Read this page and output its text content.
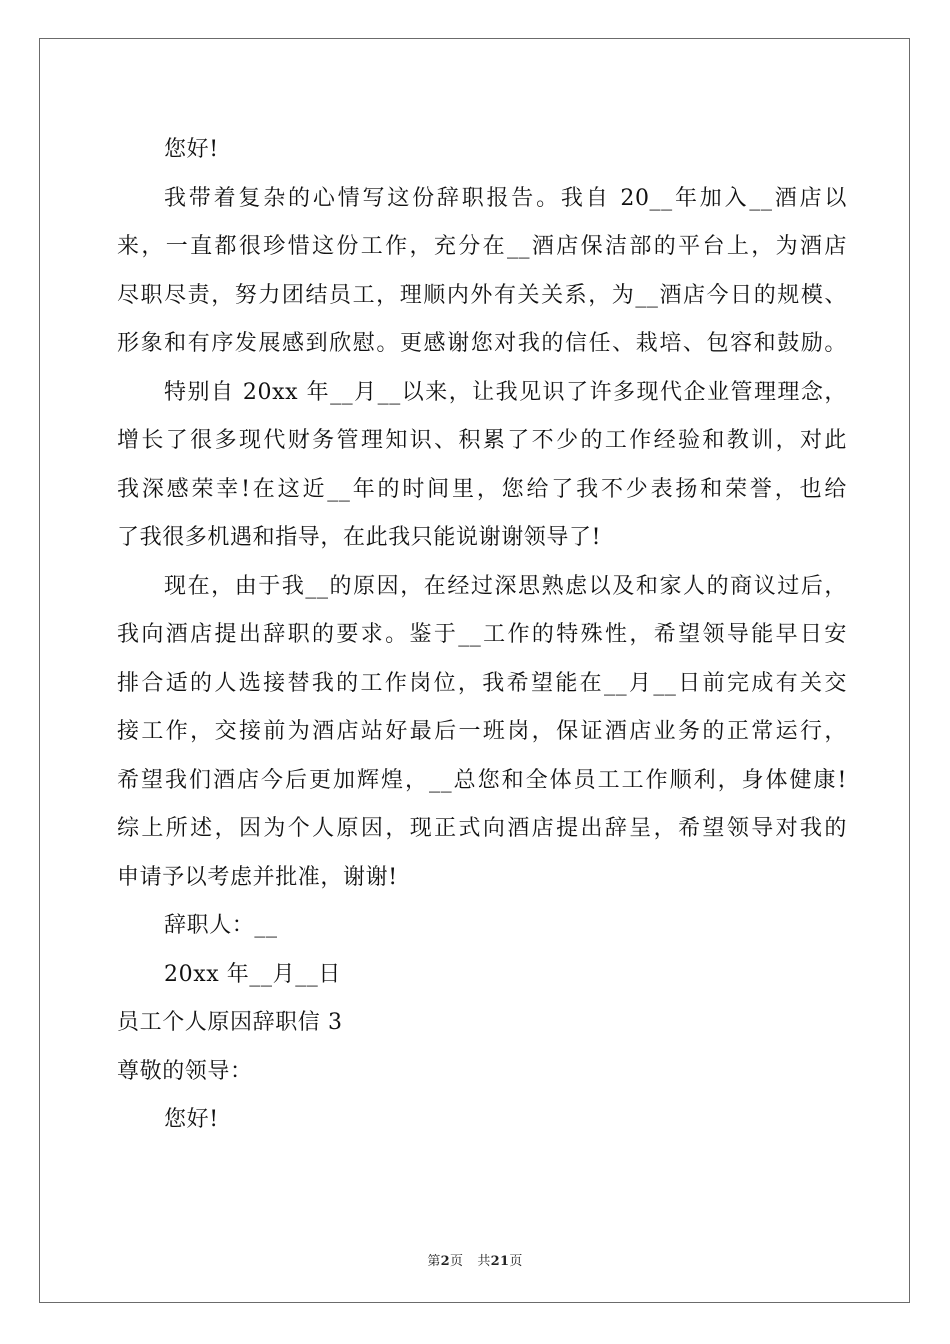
您好!
我带着复杂的心情写这份辞职报告。我自 20__年加入__酒店以
来，一直都很珍惜这份工作，充分在__酒店保洁部的平台上，为酒店
尽职尽责，努力团结员工，理顺内外有关关系，为__酒店今日的规模、
形象和有序发展感到欣慰。更感谢您对我的信任、栽培、包容和鼓励。
特别自 20xx 年__月__以来，让我见识了许多现代企业管理理念，
增长了很多现代财务管理知识、积累了不少的工作经验和教训，对此
我深感荣幸!在这近__年的时间里，您给了我不少表扬和荣誉，也给
了我很多机遇和指导，在此我只能说谢谢领导了!
现在，由于我__的原因，在经过深思熟虑以及和家人的商议过后，
我向酒店提出辞职的要求。鉴于__工作的特殊性，希望领导能早日安
排合适的人选接替我的工作岗位，我希望能在__月__日前完成有关交
接工作，交接前为酒店站好最后一班岗，保证酒店业务的正常运行，
希望我们酒店今后更加辉煌，__总您和全体员工工作顺利，身体健康!
综上所述，因为个人原因，现正式向酒店提出辞呈，希望领导对我的
申请予以考虑并批准，谢谢!
辞职人：__
20xx 年__月__日
员工个人原因辞职信 3
尊敬的领导：
您好!
第2页 共21页
